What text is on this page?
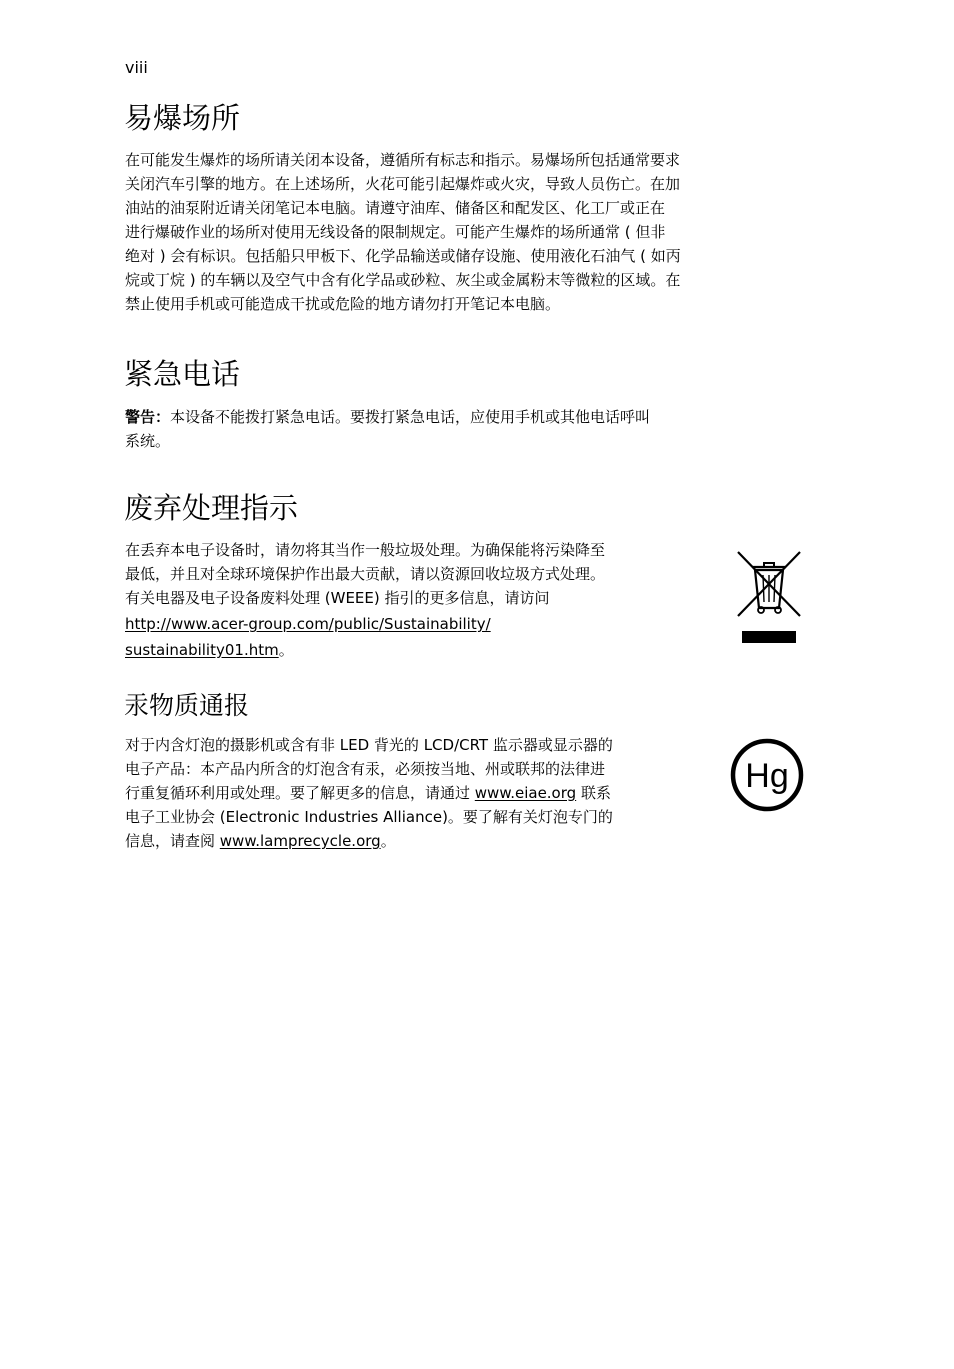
viii
易爆场所
在可能发生爆炸的场所请关闭本设备，遵循所有标志和指示。易爆场所包括通常要求
关闭汽车引擎的地方。在上述场所，火花可能引起爆炸或火灾，导致人员伤亡。在加
油站的油泵附近请关闭笔记本电脑。请遵守油库、储备区和配发区、化工厂或正在
进行爆破作业的场所对使用无线设备的限制规定。可能产生爆炸的场所通常 ( 但非
绝对 ) 会有标识。包括船只甲板下、化学品输送或储存设施、使用液化石油气 ( 如丙
烷或丁烷 ) 的车辆以及空气中含有化学品或砂粒、灰尘或金属粉末等微粒的区域。在
禁止使用手机或可能造成干扰或危险的地方请勿打开笔记本电脑。
紧急电话
警告：本设备不能拨打紧急电话。要拨打紧急电话，应使用手机或其他电话呼叫
系统。
废弃处理指示
在丢弃本电子设备时，请勿将其当作一般垃圾处理。为确保能将污染降至
最低，并且对全球环境保护作出最大贡献，请以资源回收垃圾方式处理。
有关电器及电子设备废料处理 (WEEE) 指引的更多信息，请访问
http://www.acer-group.com/public/Sustainability/
sustainability01.htm。
汞物质通报
对于内含灯泡的摄影机或含有非 LED 背光的 LCD/CRT 监示器或显示器的
电子产品：本产品内所含的灯泡含有汞，必须按当地、州或联邦的法律进
行重复循环利用或处理。要了解更多的信息，请通过 www.eiae.org 联系
电子工业协会 (Electronic Industries Alliance)。要了解有关灯泡专门的
信息，请查阅 www.lamprecycle.org。
Hg
